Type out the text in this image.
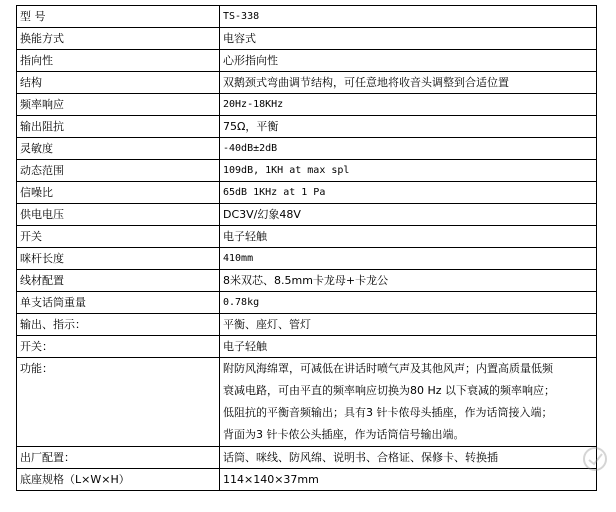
型 号	TS-338
换能方式	电容式
指向性	心形指向性
结构	双鹅颈式弯曲调节结构，可任意地将收音头调整到合适位置
频率响应	20Hz-18KHz
输出阻抗	75Ω，平衡
灵敏度	-40dB±2dB
动态范围	109dB, 1KH at max spl
信噪比	65dB 1KHz at 1 Pa
供电电压	DC3V/幻象48V
开关	电子轻触
咪杆长度	410mm
线材配置	8米双芯、8.5mm卡龙母+卡龙公
单支话筒重量	0.78kg
输出、指示：	平衡、座灯、管灯
开关：	电子轻触
功能：	附防风海绵罩，可减低在讲话时喷气声及其他风声；内置高质量低频
衰减电路，可由平直的频率响应切换为80 Hz 以下衰减的频率响应；
低阻抗的平衡音频输出；具有3 针卡侬母头插座，作为话筒接入端；
背面为3 针卡侬公头插座，作为话筒信号输出端。

出厂配置：	话筒、咪线、防风绵、说明书、合格证、保修卡、转换插
底座规格（L×W×H）	114×140×37mm
